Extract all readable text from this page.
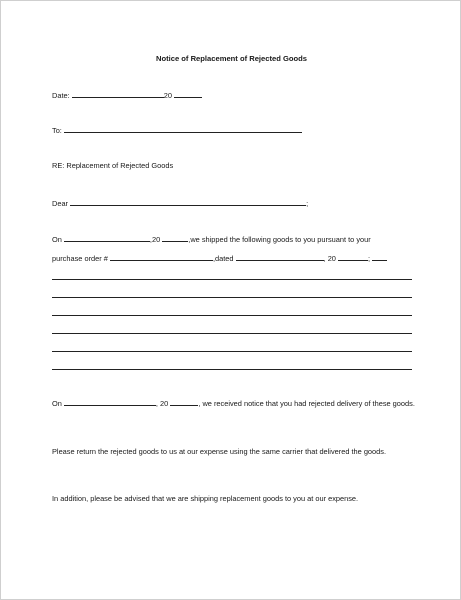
Notice of Replacement of Rejected Goods
Date:	20
To:
RE: Replacement of Rejected Goods
Dear	;
On	,20	,we shipped the following goods to you pursuant to your
purchase order #	,dated	, 20	;
On	, 20	, we received notice that you had rejected delivery of these goods.
Please return the rejected goods to us at our expense using the same carrier that delivered the goods.
In addition, please be advised that we are shipping replacement goods to you at our expense.
